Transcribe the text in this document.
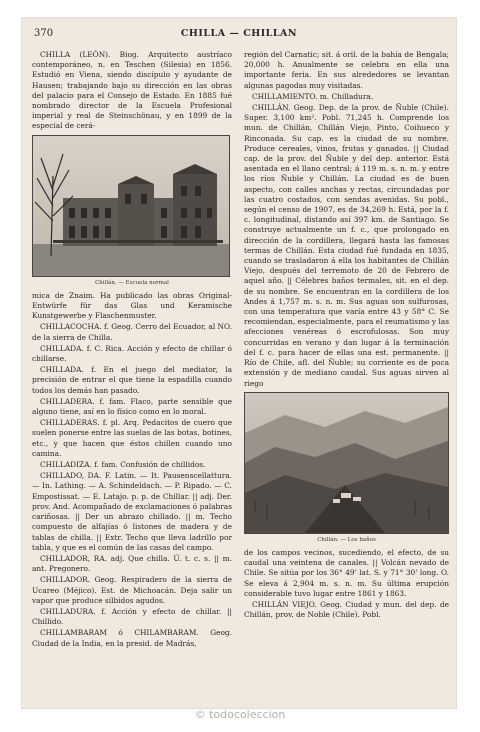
370	CHILLA — CHILLAN

CHILLA (LEÓN). Biog. Arquitecto austríaco contemporáneo, n. en Teschen (Silesia) en 1856. Estudió en Viena, siendo discípulo y ayudante de Hausen; trabajando bajo su dirección en las obras del palacio para el Consejo de Estado. En 1885 fué nombrado director de la Escuela Profesional imperial y real de Steinschönau, y en 1899 de la especial de cerá-

Chillán. — Escuela normal

mica de Znaim. Ha publicado las obras Original-Entwürfe für das Glas und Keramische Kunstgewerbe y Flaschenmuster.

CHILLACOCHA. f. Geog. Cerro del Ecuador, al NO. de la sierra de Chilla.

CHILLADA. f. C. Rica. Acción y efecto de chillar ó chillarse.

CHILLADA. f. En el juego del mediator, la precisión de entrar el que tiene la espadilla cuando todos los demás han pasado.

CHILLADERA. f. fam. Flaco, parte sensible que alguno tiene, así en lo físico como en lo moral.

CHILLADERAS. f. pl. Arq. Pedacitos de cuero que suelen ponerse entre las suelas de las botas, botines, etc., y que hacen que éstos chillen cuando uno camina.

CHILLADIZA. f. fam. Confusión de chillidos.

CHILLADO, DA. F. Latin. — It. Pausenscellattura. — In. Lathing. — A. Schindeldach. — P. Ripado. — C. Empostissat. — E. Latajo. p. p. de Chillar. || adj. Der. prov. And. Acompañado de exclamaciones ó palabras cariñosas. || Der un abrazo chillado. || m. Techo compuesto de alfajías ó listones de madera y de tablas de chilla. || Extr. Techo que lleva ladrillo por tabla, y que es el común de las casas del campo.

CHILLADOR, RA. adj. Que chilla. Ú. t. c. s. || m. ant. Pregonero.

CHILLADOR. Geog. Respiradero de la sierra de Ucareo (Méjico). Est. de Michoacán. Deja salir un vapor que produce silbidos agudos.

CHILLADURA. f. Acción y efecto de chillar. || Chillido.

CHILLAMBARAM ó CHILAMBARAM. Geog. Ciudad de la India, en la presid. de Madrás,

región del Carnatic; sit. á oril. de la bahía de Bengala; 20,000 h. Anualmente se celebra en ella una importante feria. En sus alrededores se levantan algunas pagodas muy visitadas.

CHILLAMIENTO. m. Chilladura.

CHILLÁN. Geog. Dep. de la prov. de Ñuble (Chile). Super. 3,100 km². Pobl. 71,245 h. Comprende los mun. de Chillán, Chillán Viejo, Pinto, Coihueco y Rinconada. Su cap. es la ciudad de su nombre. Produce cereales, vinos, frutas y ganados. || Ciudad cap. de la prov. del Ñuble y del dep. anterior. Está asentada en el llano central; á 119 m. s. n. m. y entre los ríos Ñuble y Chillán. La ciudad es de buen aspecto, con calles anchas y rectas, circundadas por las cuatro costados, con sendas avenidas. Su pobl., según el censo de 1907, es de 34,269 h. Está, por la f. c. longitudinal, distando así 397 km. de Santiago. Se construye actualmente un f. c., que prolongado en dirección de la cordillera, llegará hasta las famosas termas de Chillán. Esta ciudad fué fundada en 1835, cuando se trasladaron á ella los habitantes de Chillán Viejo, después del terremoto de 20 de Febrero de aquel año. || Célebres baños termales, sit. en el dep. de su nombre. Se encuentran en la cordillera de los Andes á 1,757 m. s. n. m. Sus aguas son sulfurosas, con una temperatura que varía entre 43 y 58° C. Se recomiendan, especialmente, para el reumatismo y las afecciones venéreas ó escrofulosas. Son muy concurridas en verano y dan lugar á la terminación del f. c. para hacer de ellas una est. permanente. || Río de Chile, afl. del Ñuble; su corriente es de poca extensión y de mediano caudal. Sus aguas sirven al riego

Chillán. — Los baños

de los campos vecinos, sucediendo, el efecto, de su caudal una veintena de canales. || Volcán nevado de Chile. Se sitúa por los 36° 49' lat. S. y 71° 30' long. O. Se eleva á 2,904 m. s. n. m. Su última erupción considerable tuvo lugar entre 1861 y 1863.

CHILLÁN VIEJO. Geog. Ciudad y mun. del dep. de Chillán, prov. de Noble (Chile). Pobl.

© todocoleccion
